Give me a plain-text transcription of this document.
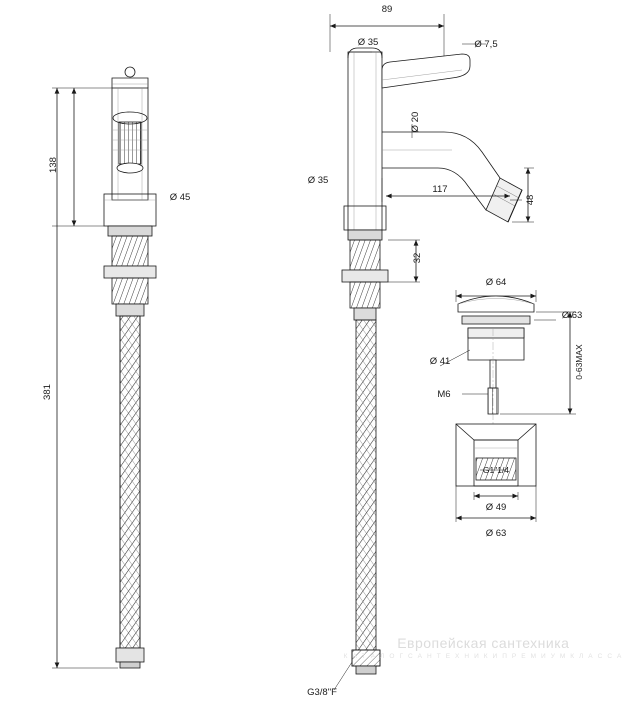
138
Ø 45
381
89
Ø 35	Ø 7,5
Ø 20
Ø 35
117
48
32
G3/8"F
Ø 64
Ø 63
Ø 41
M6
0-63MAX
G1"1/4
Ø 49
Ø 63
Европейская сантехника
К А Т А Л О Г С А Н Т Е Х Н И К И П Р Е М И У М К Л А С С А
